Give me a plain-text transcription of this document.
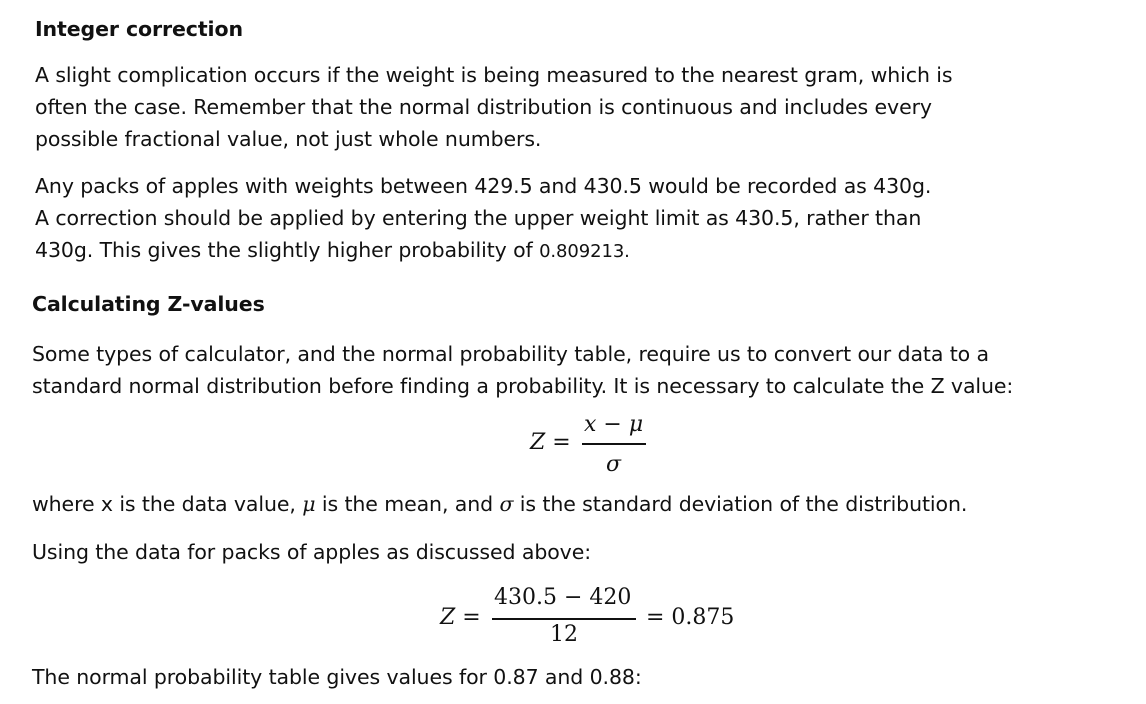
Integer correction
A slight complication occurs if the weight is being measured to the nearest gram, which is
often the case. Remember that the normal distribution is continuous and includes every
possible fractional value, not just whole numbers.
Any packs of apples with weights between 429.5 and 430.5 would be recorded as 430g.
A correction should be applied by entering the upper weight limit as 430.5, rather than
430g. This gives the slightly higher probability of 0.809213.
Calculating Z-values
Some types of calculator, and the normal probability table, require us to convert our data to a
standard normal distribution before finding a probability. It is necessary to calculate the Z value:
Z =
x − μ
σ
where x is the data value, μ is the mean, and σ is the standard deviation of the distribution.
Using the data for packs of apples as discussed above:
Z =
430.5 − 420
12
= 0.875
The normal probability table gives values for 0.87 and 0.88:
